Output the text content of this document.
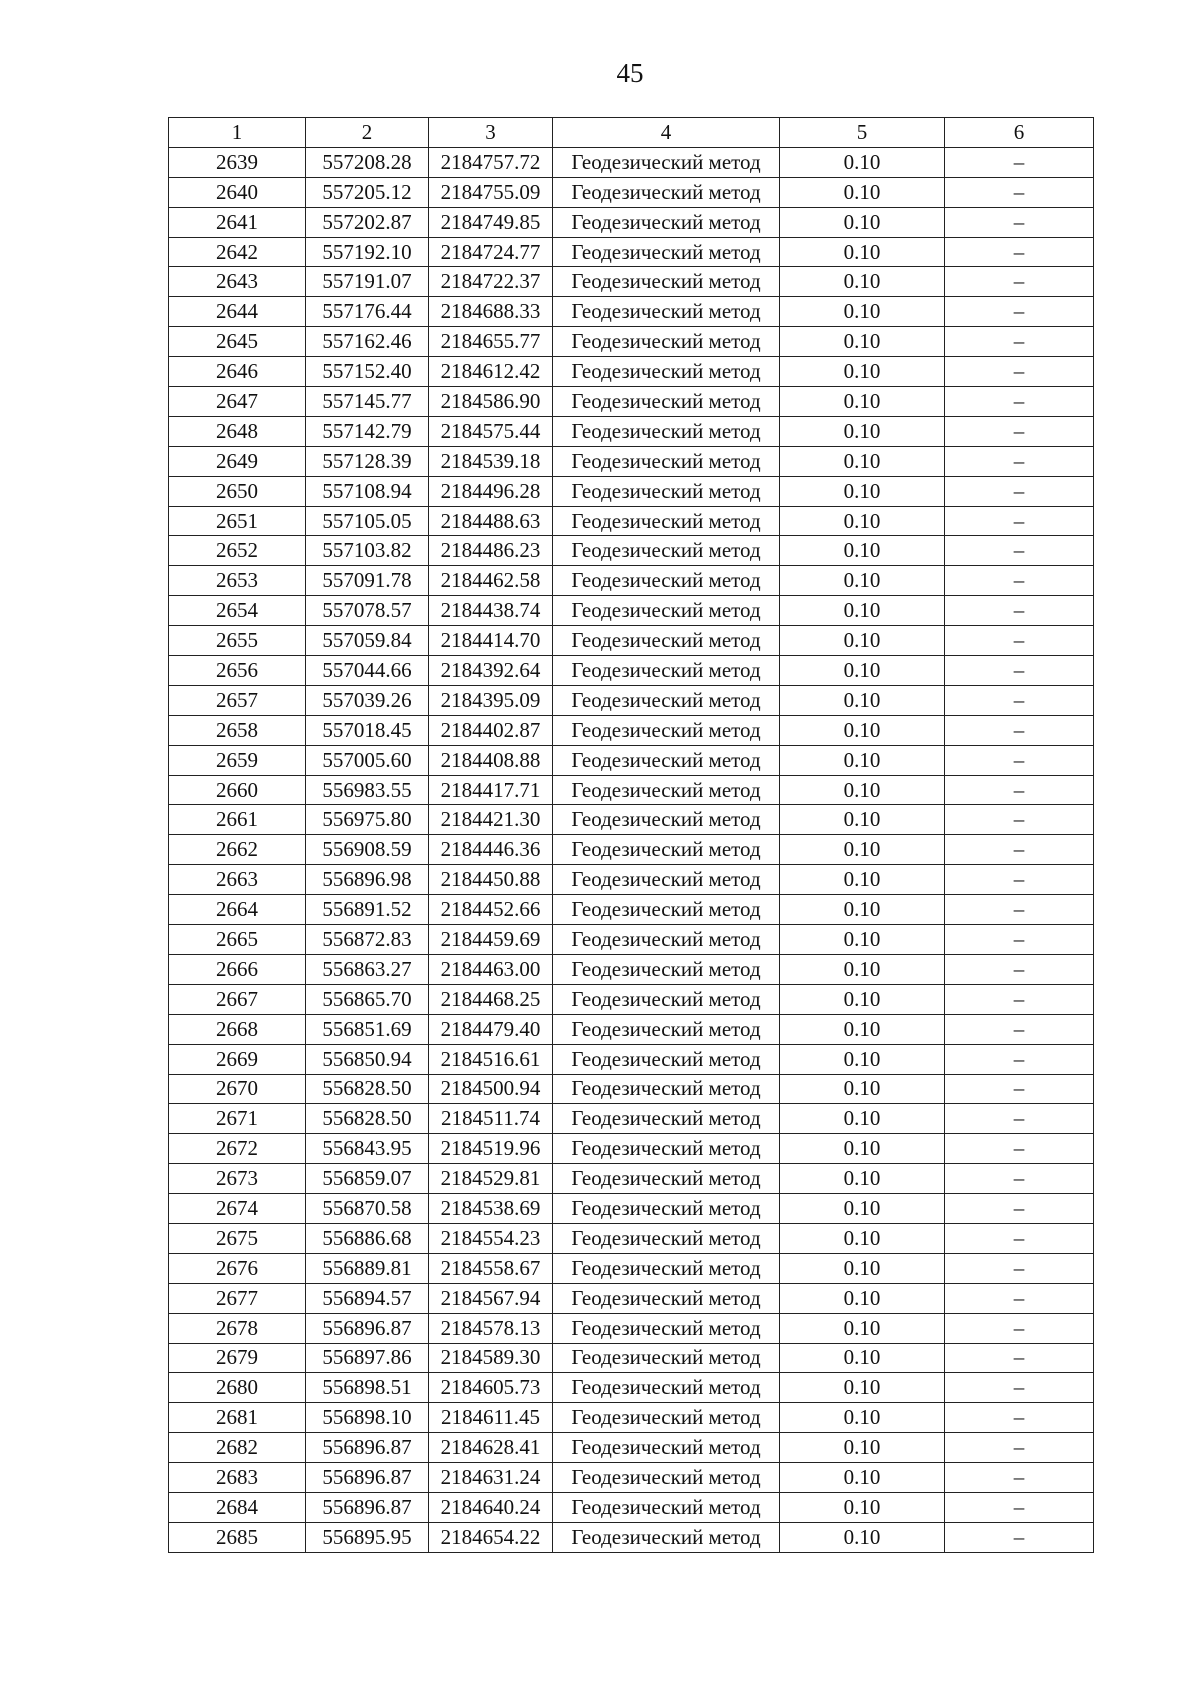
45
1	2	3	4	5	6
2639	557208.28	2184757.72	Геодезический метод	0.10	–
2640	557205.12	2184755.09	Геодезический метод	0.10	–
2641	557202.87	2184749.85	Геодезический метод	0.10	–
2642	557192.10	2184724.77	Геодезический метод	0.10	–
2643	557191.07	2184722.37	Геодезический метод	0.10	–
2644	557176.44	2184688.33	Геодезический метод	0.10	–
2645	557162.46	2184655.77	Геодезический метод	0.10	–
2646	557152.40	2184612.42	Геодезический метод	0.10	–
2647	557145.77	2184586.90	Геодезический метод	0.10	–
2648	557142.79	2184575.44	Геодезический метод	0.10	–
2649	557128.39	2184539.18	Геодезический метод	0.10	–
2650	557108.94	2184496.28	Геодезический метод	0.10	–
2651	557105.05	2184488.63	Геодезический метод	0.10	–
2652	557103.82	2184486.23	Геодезический метод	0.10	–
2653	557091.78	2184462.58	Геодезический метод	0.10	–
2654	557078.57	2184438.74	Геодезический метод	0.10	–
2655	557059.84	2184414.70	Геодезический метод	0.10	–
2656	557044.66	2184392.64	Геодезический метод	0.10	–
2657	557039.26	2184395.09	Геодезический метод	0.10	–
2658	557018.45	2184402.87	Геодезический метод	0.10	–
2659	557005.60	2184408.88	Геодезический метод	0.10	–
2660	556983.55	2184417.71	Геодезический метод	0.10	–
2661	556975.80	2184421.30	Геодезический метод	0.10	–
2662	556908.59	2184446.36	Геодезический метод	0.10	–
2663	556896.98	2184450.88	Геодезический метод	0.10	–
2664	556891.52	2184452.66	Геодезический метод	0.10	–
2665	556872.83	2184459.69	Геодезический метод	0.10	–
2666	556863.27	2184463.00	Геодезический метод	0.10	–
2667	556865.70	2184468.25	Геодезический метод	0.10	–
2668	556851.69	2184479.40	Геодезический метод	0.10	–
2669	556850.94	2184516.61	Геодезический метод	0.10	–
2670	556828.50	2184500.94	Геодезический метод	0.10	–
2671	556828.50	2184511.74	Геодезический метод	0.10	–
2672	556843.95	2184519.96	Геодезический метод	0.10	–
2673	556859.07	2184529.81	Геодезический метод	0.10	–
2674	556870.58	2184538.69	Геодезический метод	0.10	–
2675	556886.68	2184554.23	Геодезический метод	0.10	–
2676	556889.81	2184558.67	Геодезический метод	0.10	–
2677	556894.57	2184567.94	Геодезический метод	0.10	–
2678	556896.87	2184578.13	Геодезический метод	0.10	–
2679	556897.86	2184589.30	Геодезический метод	0.10	–
2680	556898.51	2184605.73	Геодезический метод	0.10	–
2681	556898.10	2184611.45	Геодезический метод	0.10	–
2682	556896.87	2184628.41	Геодезический метод	0.10	–
2683	556896.87	2184631.24	Геодезический метод	0.10	–
2684	556896.87	2184640.24	Геодезический метод	0.10	–
2685	556895.95	2184654.22	Геодезический метод	0.10	–
